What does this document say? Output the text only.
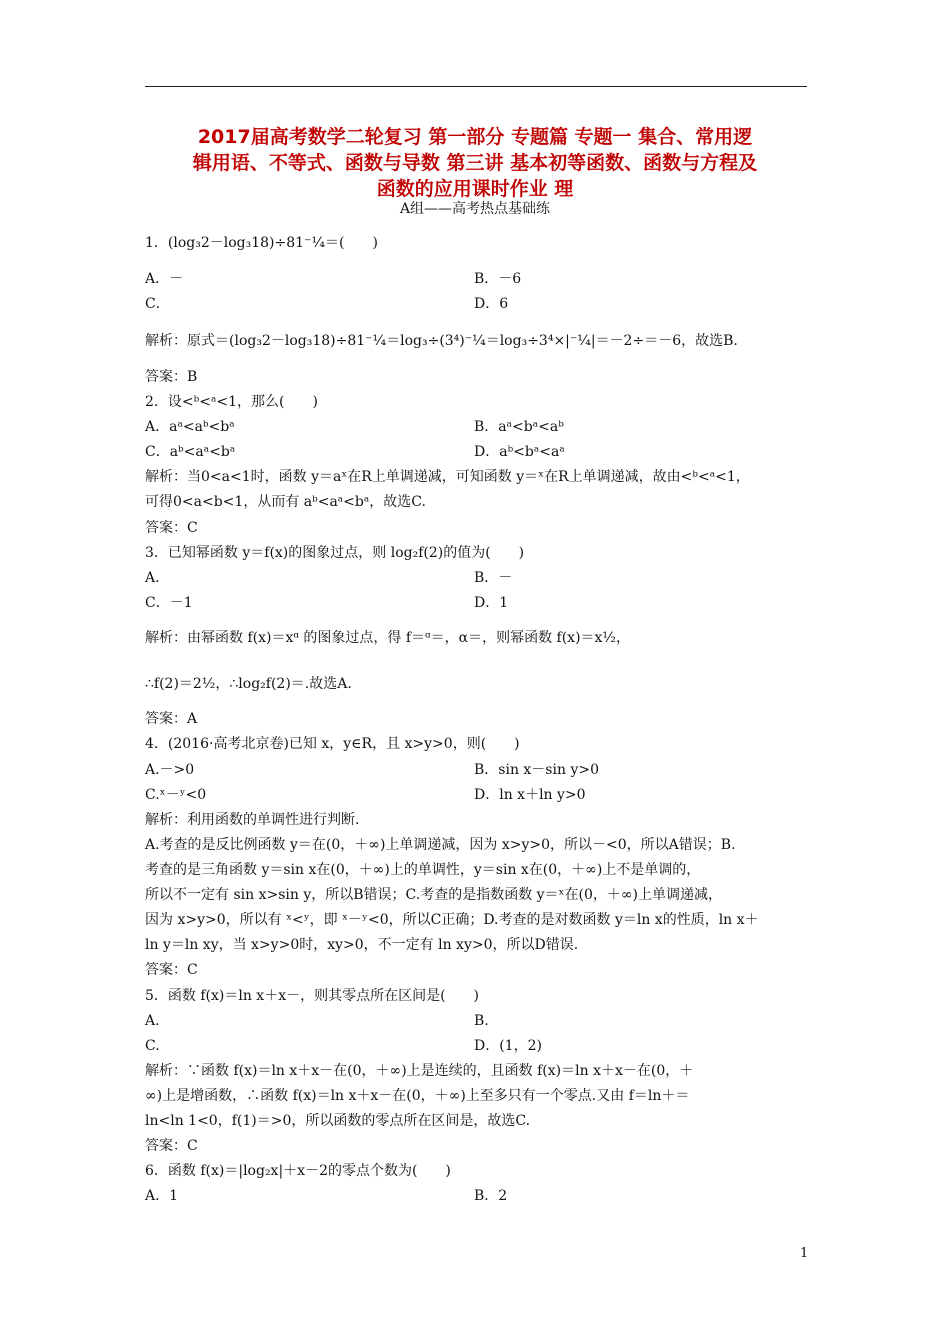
2017届高考数学二轮复习 第一部分 专题篇 专题一 集合、常用逻
辑用语、不等式、函数与导数 第三讲 基本初等函数、函数与方程及
函数的应用课时作业 理
A组——高考热点基础练
1．(log₃2－log₃18)÷81⁻¹⁄₄＝(　　)
A．－	B．－6
C．	D．6
解析：原式＝(log₃2－log₃18)÷81⁻¹⁄₄＝log₃÷(3⁴)⁻¹⁄₄＝log₃÷3⁴×|⁻¹⁄₄|＝－2÷＝－6，故选B.
答案：B
2．设<ᵇ<ᵃ<1，那么(　　)
A．aᵃ<aᵇ<bᵃ	B．aᵃ<bᵃ<aᵇ
C．aᵇ<aᵃ<bᵃ	D．aᵇ<bᵃ<aᵃ
解析：当0<a<1时，函数 y＝aˣ在R上单调递减，可知函数 y＝ˣ在R上单调递减，故由<ᵇ<ᵃ<1，
可得0<a<b<1，从而有 aᵇ<aᵃ<bᵃ，故选C.
答案：C
3．已知幂函数 y＝f(x)的图象过点，则 log₂f(2)的值为(　　)
A.	B．－
C．－1	D．1
解析：由幂函数 f(x)＝xᵅ 的图象过点，得 f＝ᵅ＝，α＝，则幂函数 f(x)＝x¹⁄₂，
∴f(2)＝2¹⁄₂，∴log₂f(2)＝.故选A.
答案：A
4．(2016·高考北京卷)已知 x，y∈R，且 x>y>0，则(　　)
A.－>0	B．sin x－sin y>0
C.ˣ－ʸ<0	D．ln x＋ln y>0
解析：利用函数的单调性进行判断.
A.考查的是反比例函数 y＝在(0，＋∞)上单调递减，因为 x>y>0，所以－<0，所以A错误；B.
考查的是三角函数 y＝sin x在(0，＋∞)上的单调性，y＝sin x在(0，＋∞)上不是单调的，
所以不一定有 sin x>sin y，所以B错误；C.考查的是指数函数 y＝ˣ在(0，＋∞)上单调递减，
因为 x>y>0，所以有 ˣ<ʸ，即 ˣ－ʸ<0，所以C正确；D.考查的是对数函数 y＝ln x的性质，ln x＋
ln y＝ln xy，当 x>y>0时，xy>0，不一定有 ln xy>0，所以D错误.
答案：C
5．函数 f(x)＝ln x＋x－，则其零点所在区间是(　　)
A.	B.
C.	D．(1，2)
解析：∵函数 f(x)＝ln x＋x－在(0，＋∞)上是连续的，且函数 f(x)＝ln x＋x－在(0，＋
∞)上是增函数，∴函数 f(x)＝ln x＋x－在(0，＋∞)上至多只有一个零点.又由 f＝ln＋＝
ln<ln 1<0，f(1)＝>0，所以函数的零点所在区间是，故选C.
答案：C
6．函数 f(x)＝|log₂x|＋x－2的零点个数为(　　)
A．1	B．2
1
